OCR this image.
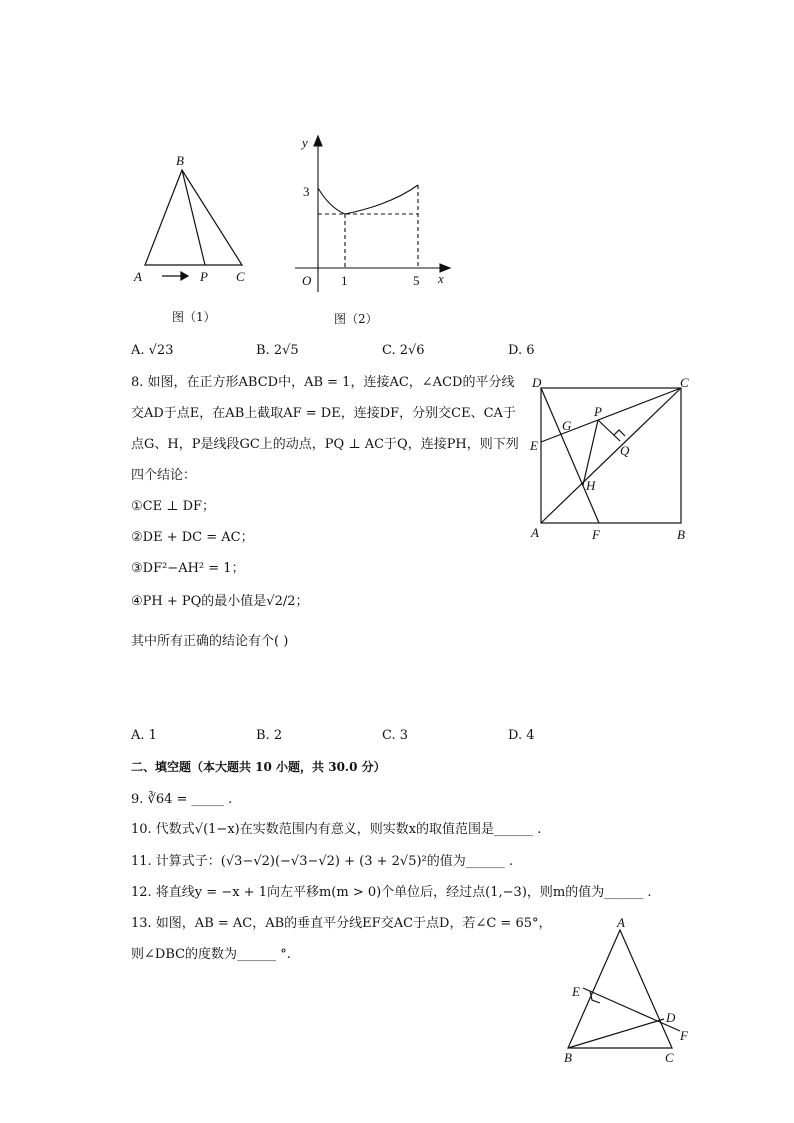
B
A	P C
y
3
O 1	5 x
D	C
G
P
E	Q
H
A	F	B
A
E
D
F
B	C
图（1）	图（2）
A. √23	B. 2√5	C. 2√6	D. 6
8. 如图，在正方形ABCD中，AB = 1，连接AC，∠ACD的平分线
交AD于点E，在AB上截取AF = DE，连接DF，分别交CE、CA于
点G、H，P是线段GC上的动点，PQ ⊥ AC于Q，连接PH，则下列
四个结论：
①CE ⊥ DF；
②DE + DC = AC；
③DF²−AH² = 1；
④PH + PQ的最小值是√2/2；
其中所有正确的结论有个( )
A. 1	B. 2	C. 3	D. 4
二、填空题（本大题共 10 小题，共 30.0 分）
9. ∛64 = _____ .
10. 代数式√(1−x)在实数范围内有意义，则实数x的取值范围是______ .
11. 计算式子：(√3−√2)(−√3−√2) + (3 + 2√5)²的值为______ .
12. 将直线y = −x + 1向左平移m(m > 0)个单位后，经过点(1,−3)，则m的值为______ .
13. 如图，AB = AC，AB的垂直平分线EF交AC于点D，若∠C = 65°，
则∠DBC的度数为______ °.
